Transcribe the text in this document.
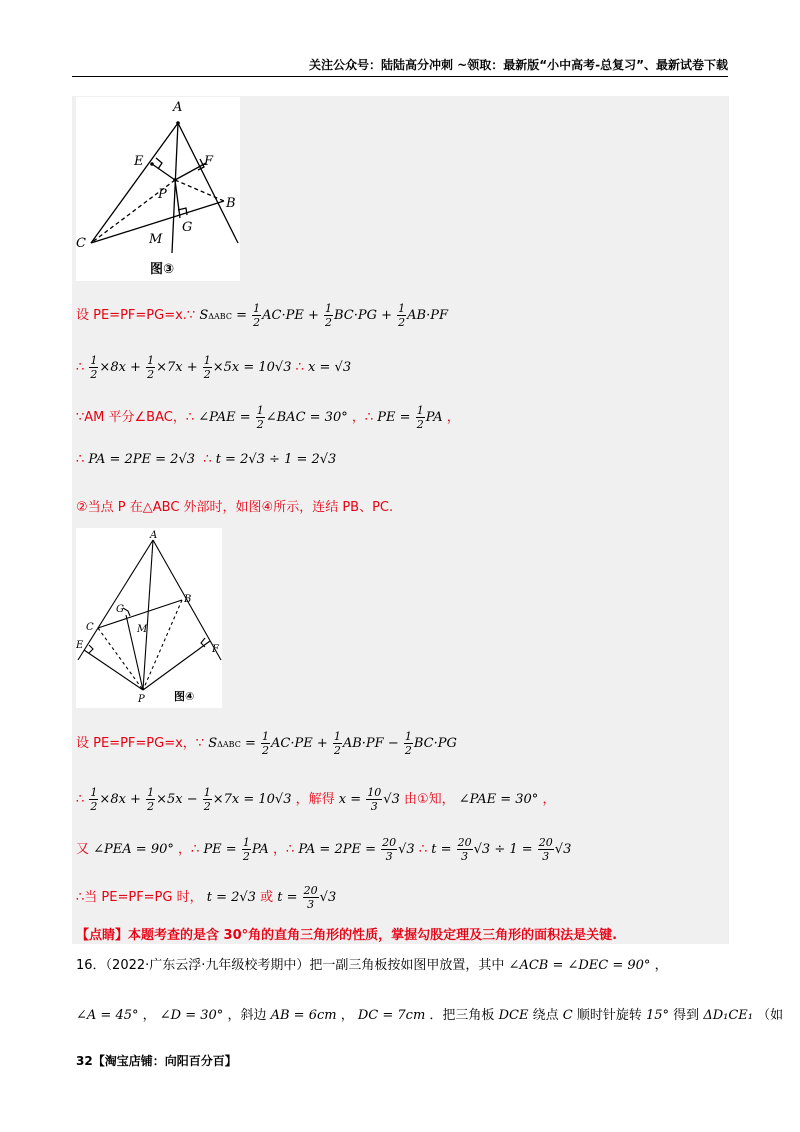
关注公众号：陆陆高分冲刺 ~领取：最新版“小中高考-总复习”、最新试卷下载
A
E	F
P
B
G
C	M
图③
设 PE=PF=PG=x.∵ $S\Delta ABC = \frac{1}{2} AC\cdot PE + \frac{1}{2} BC\cdot PG + \frac{1}{2} AB\cdot PF$
∴ $\frac{1}{2} \times 8x + \frac{1}{2} \times 7x + \frac{1}{2} \times 5x = 10√3$ ∴ x = √3
∵AM 平分∠BAC，∴ ∠PAE = $\frac{1}{2}$ ∠BAC = 30° ，∴ PE = $\frac{1}{2}$ PA ，
∴ PA = 2PE = 2√3 ∴ t = 2√3 ÷ 1 = 2√3
②当点 P 在△ABC 外部时，如图④所示，连结 PB、PC.
A
B
G
C	M
E	F
P	图④
设 PE=PF=PG=x，∵ $S\Delta ABC = \frac{1}{2} AC\cdot PE + \frac{1}{2} AB\cdot PF - \frac{1}{2} BC\cdot PG$
∴ $\frac{1}{2} \times 8x + \frac{1}{2} \times 5x - \frac{1}{2} \times 7x = 10√3$ ，解得 $x = \frac{10}{3} √3$ 由①知， ∠PAE = 30° ，
又 ∠PEA = 90° ，∴ PE = $\frac{1}{2}$ PA ，∴ PA = $2PE = \frac{20}{3} √3$ ∴ $t = \frac{20}{3} √3 \div 1 = \frac{20}{3} √3$
∴当 PE=PF=PG 时， t = 2√3 或 $t = \frac{20}{3} √3$
【点睛】本题考查的是含 30°角的直角三角形的性质，掌握勾股定理及三角形的面积法是关键.
16．（2022·广东云浮·九年级校考期中）把一副三角板按如图甲放置，其中 ∠ACB = ∠DEC = 90° ，
∠A = 45° ， ∠D = 30° ，斜边 AB = 6cm ， DC = 7cm ．把三角板 DCE 绕点 C 顺时针旋转 15° 得到 ΔD₁CE₁ （如
32【淘宝店铺：向阳百分百】
